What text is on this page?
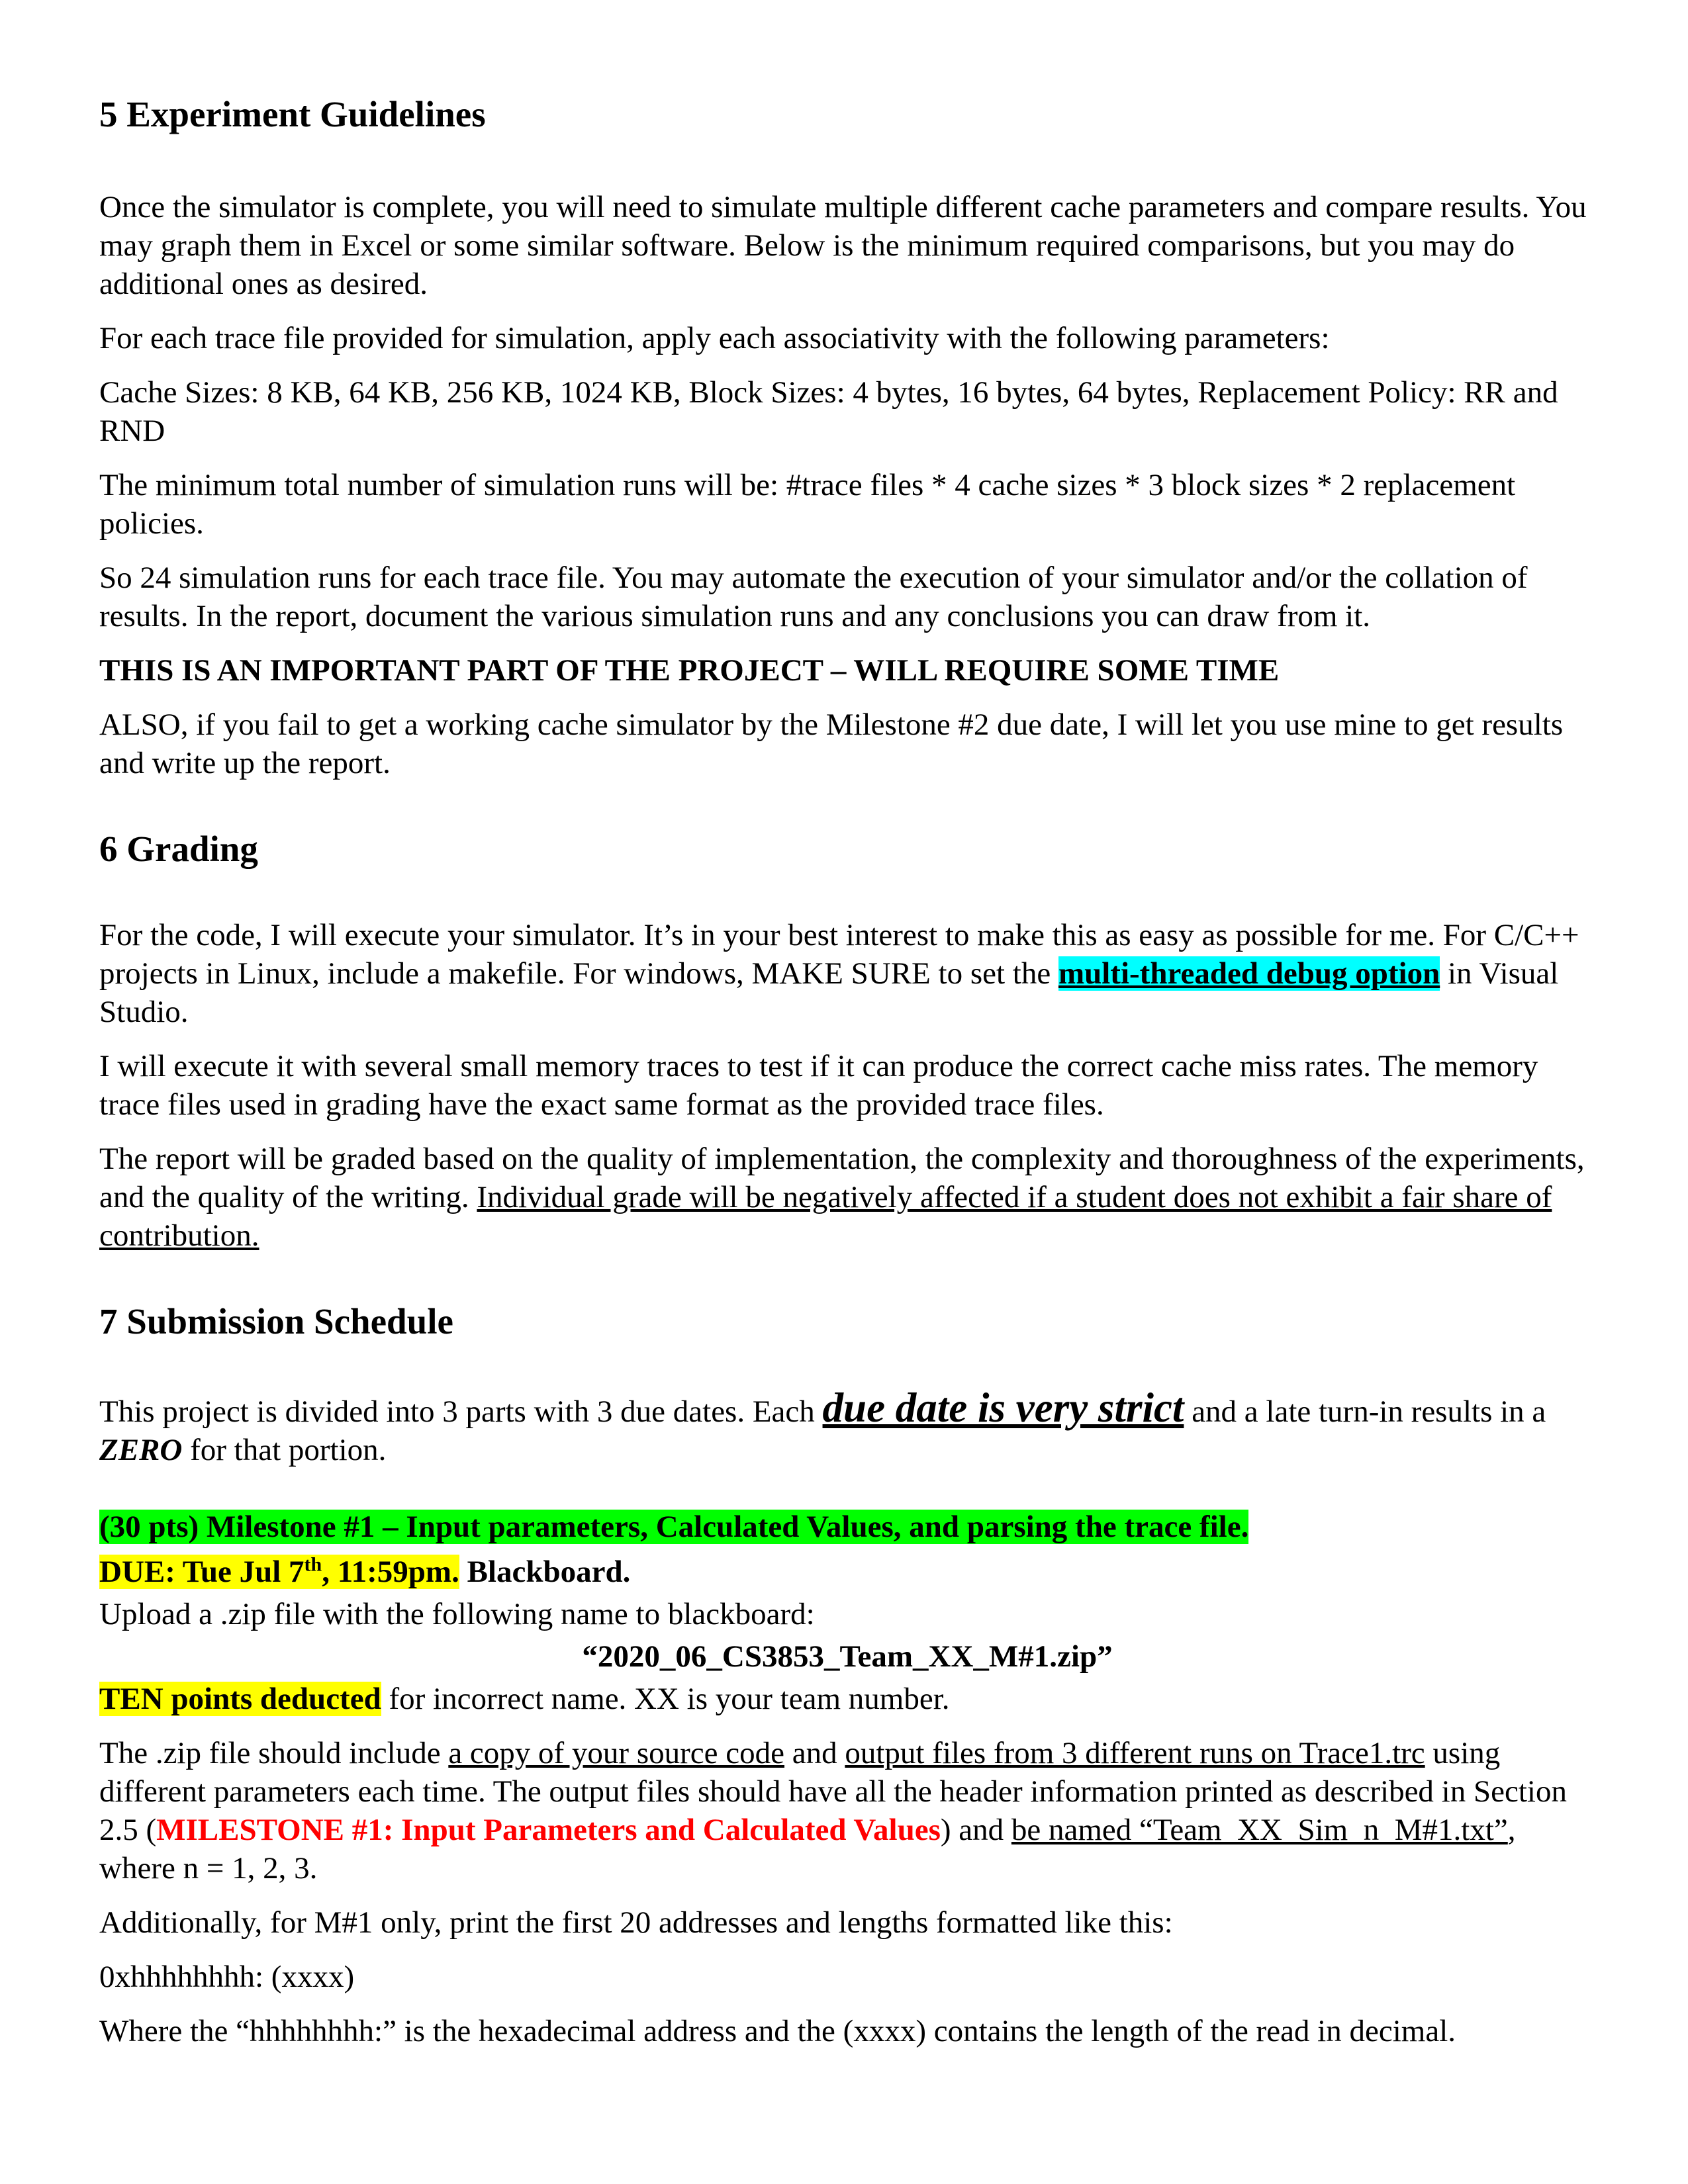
5 Experiment Guidelines

Once the simulator is complete, you will need to simulate multiple different cache parameters and compare results. You may graph them in Excel or some similar software. Below is the minimum required comparisons, but you may do additional ones as desired.

For each trace file provided for simulation, apply each associativity with the following parameters:

Cache Sizes: 8 KB, 64 KB, 256 KB, 1024 KB, Block Sizes: 4 bytes, 16 bytes, 64 bytes, Replacement Policy: RR and RND

The minimum total number of simulation runs will be: #trace files * 4 cache sizes * 3 block sizes * 2 replacement policies.

So 24 simulation runs for each trace file. You may automate the execution of your simulator and/or the collation of results. In the report, document the various simulation runs and any conclusions you can draw from it.

THIS IS AN IMPORTANT PART OF THE PROJECT – WILL REQUIRE SOME TIME

ALSO, if you fail to get a working cache simulator by the Milestone #2 due date, I will let you use mine to get results and write up the report.

6 Grading

For the code, I will execute your simulator. It’s in your best interest to make this as easy as possible for me. For C/C++ projects in Linux, include a makefile. For windows, MAKE SURE to set the multi-threaded debug option in Visual Studio.

I will execute it with several small memory traces to test if it can produce the correct cache miss rates. The memory trace files used in grading have the exact same format as the provided trace files.

The report will be graded based on the quality of implementation, the complexity and thoroughness of the experiments, and the quality of the writing. Individual grade will be negatively affected if a student does not exhibit a fair share of contribution.

7 Submission Schedule

This project is divided into 3 parts with 3 due dates. Each due date is very strict and a late turn-in results in a ZERO for that portion.

(30 pts) Milestone #1 – Input parameters, Calculated Values, and parsing the trace file.

DUE: Tue Jul 7th, 11:59pm. Blackboard.

Upload a .zip file with the following name to blackboard:

“2020_06_CS3853_Team_XX_M#1.zip”

TEN points deducted for incorrect name. XX is your team number.

The .zip file should include a copy of your source code and output files from 3 different runs on Trace1.trc using different parameters each time. The output files should have all the header information printed as described in Section 2.5 (MILESTONE #1: Input Parameters and Calculated Values) and be named “Team_XX_Sim_n_M#1.txt”, where n = 1, 2, 3.

Additionally, for M#1 only, print the first 20 addresses and lengths formatted like this:

0xhhhhhhhh: (xxxx)

Where the “hhhhhhhh:” is the hexadecimal address and the (xxxx) contains the length of the read in decimal.
